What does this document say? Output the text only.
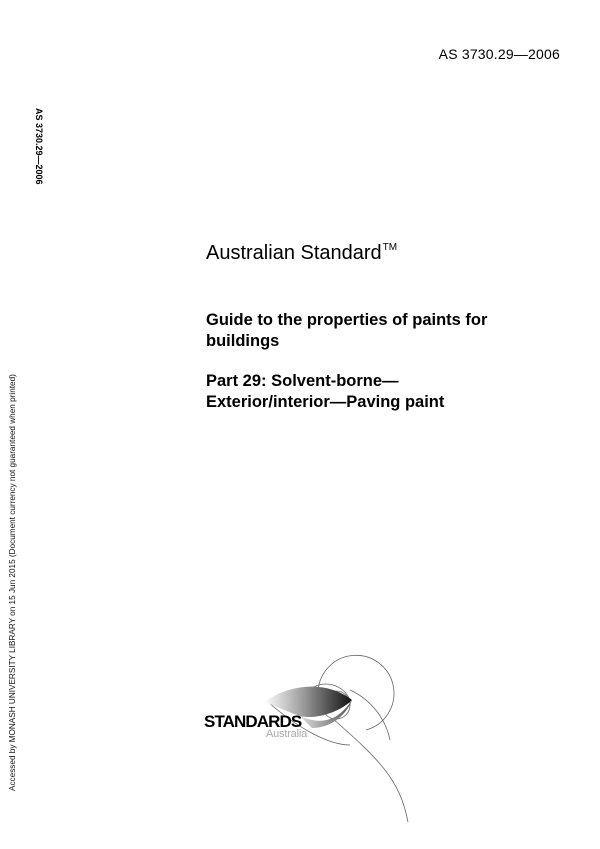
AS 3730.29—2006
AS 3730.29—2006
Accessed by MONASH UNIVERSITY LIBRARY on 15 Jun 2015 (Document currency not guaranteed when printed)
Australian Standard™
Guide to the properties of paints for buildings
Part 29: Solvent-borne—
Exterior/interior—Paving paint
STANDARDS
Australia
